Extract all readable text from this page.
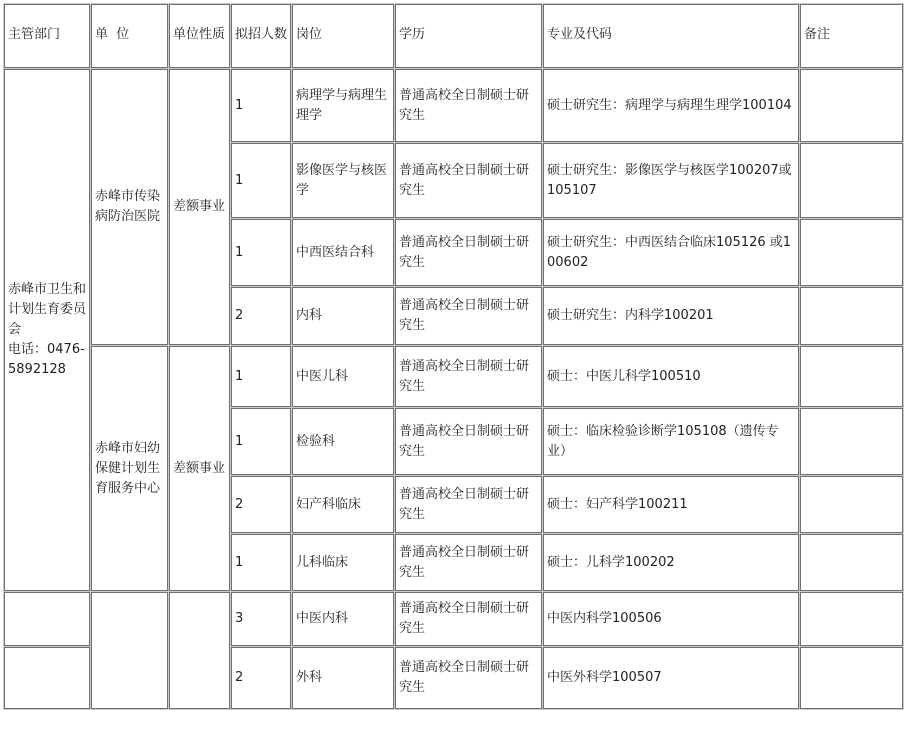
主管部门	单  位	单位性质	拟招人数	岗位	学历	专业及代码	备注

赤峰市卫生和计划生育委员会
电话：0476-5892128	赤峰市传染病防治医院	差额事业	1	病理学与病理生理学	普通高校全日制硕士研究生	硕士研究生：病理学与病理生理学100104	
			1	影像医学与核医学	普通高校全日制硕士研究生	硕士研究生：影像医学与核医学100207或105107	
			1	中西医结合科	普通高校全日制硕士研究生	硕士研究生：中西医结合临床105126 或100602	
			2	内科	普通高校全日制硕士研究生	硕士研究生：内科学100201	
	赤峰市妇幼保健计划生育服务中心	差额事业	1	中医儿科	普通高校全日制硕士研究生	硕士：中医儿科学100510	
			1	检验科	普通高校全日制硕士研究生	硕士：临床检验诊断学105108（遗传专业）	
			2	妇产科临床	普通高校全日制硕士研究生	硕士：妇产科学100211	
			1	儿科临床	普通高校全日制硕士研究生	硕士：儿科学100202	
			3	中医内科	普通高校全日制硕士研究生	中医内科学100506	
			2	外科	普通高校全日制硕士研究生	中医外科学100507	
